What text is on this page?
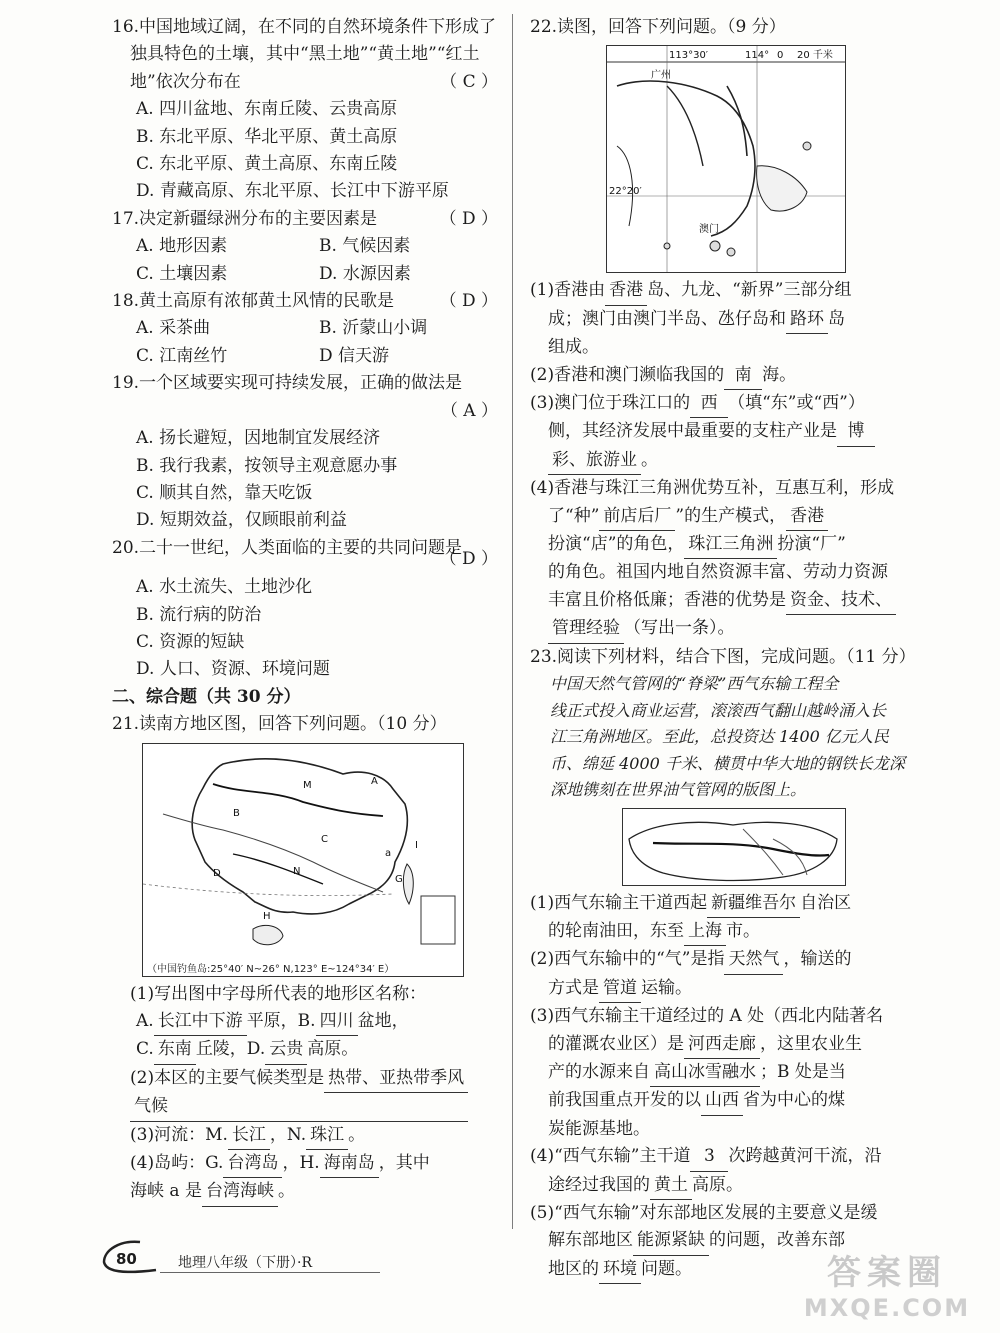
16.中国地域辽阔，在不同的自然环境条件下形成了
独具特色的土壤，其中“黑土地”“黄土地”“红土
地”依次分布在	（ C ）
A. 四川盆地、东南丘陵、云贵高原
B. 东北平原、华北平原、黄土高原
C. 东北平原、黄土高原、东南丘陵
D. 青藏高原、东北平原、长江中下游平原
17.决定新疆绿洲分布的主要因素是	（ D ）
A. 地形因素	B. 气候因素
C. 土壤因素	D. 水源因素
18.黄土高原有浓郁黄土风情的民歌是	（ D ）
A. 采茶曲	B. 沂蒙山小调
C. 江南丝竹	D 信天游
19.一个区域要实现可持续发展，正确的做法是
（ A ）

A. 扬长避短，因地制宜发展经济
B. 我行我素，按领导主观意愿办事
C. 顺其自然，靠天吃饭
D. 短期效益，仅顾眼前利益
20.二十一世纪，人类面临的主要的共同问题是
（ D ）
A. 水土流失、土地沙化
B. 流行病的防治
C. 资源的短缺
D. 人口、资源、环境问题
二、综合题（共 30 分）
21.读南方地区图，回答下列问题。（10 分）
A
B
C
D
G
H
M
N
a
I
（中国钓鱼岛:25°40′ N~26° N,123° E~124°34′ E）
(1)写出图中字母所代表的地形区名称：
A. 长江中下游 平原，B. 四川 盆地，
C. 东南 丘陵，D. 云贵 高原。
(2)本区的主要气候类型是 热带、亚热带季风
气候
(3)河流：M. 长江 ，N. 珠江 。
(4)岛屿：G. 台湾岛 ，H. 海南岛 ，其中
海峡 a 是 台湾海峡 。
22.读图，回答下列问题。（9 分）
113°30′	114° 0 20 千米
广州
22°20′
澳门
(1)香港由 香港 岛、九龙、“新界”三部分组
成；澳门由澳门半岛、氹仔岛和 路环 岛
组成。
(2)香港和澳门濒临我国的 南 海。
(3)澳门位于珠江口的 西 （填“东”或“西”）
侧，其经济发展中最重要的支柱产业是 博
彩、旅游业 。
(4)香港与珠江三角洲优势互补，互惠互利，形成
了“种” 前店后厂 ”的生产模式， 香港
扮演“店”的角色， 珠江三角洲 扮演“厂”
的角色。祖国内地自然资源丰富、劳动力资源
丰富且价格低廉；香港的优势是 资金、技术、
管理经验 （写出一条）。
23.阅读下列材料，结合下图，完成问题。（11 分）
中国天然气管网的“脊梁”西气东输工程全
线正式投入商业运营，滚滚西气翻山越岭涌入长
江三角洲地区。至此，总投资达 1400 亿元人民
币、绵延 4000 千米、横贯中华大地的钢铁长龙深
深地镌刻在世界油气管网的版图上。
(1)西气东输主干道西起 新疆维吾尔 自治区
的轮南油田，东至 上海 市。
(2)西气东输中的“气”是指 天然气 ，输送的
方式是 管道 运输。
(3)西气东输主干道经过的 A 处（西北内陆著名
的灌溉农业区）是 河西走廊 ，这里农业生
产的水源来自 高山冰雪融水 ；B 处是当
前我国重点开发的以 山西 省为中心的煤
炭能源基地。
(4)“西气东输”主干道 3 次跨越黄河干流，沿
途经过我国的 黄土 高原。
(5)“西气东输”对东部地区发展的主要意义是缓
解东部地区 能源紧缺 的问题，改善东部
地区的 环境 问题。
80	地理八年级（下册）·R	答案圈
MXQE.COM
